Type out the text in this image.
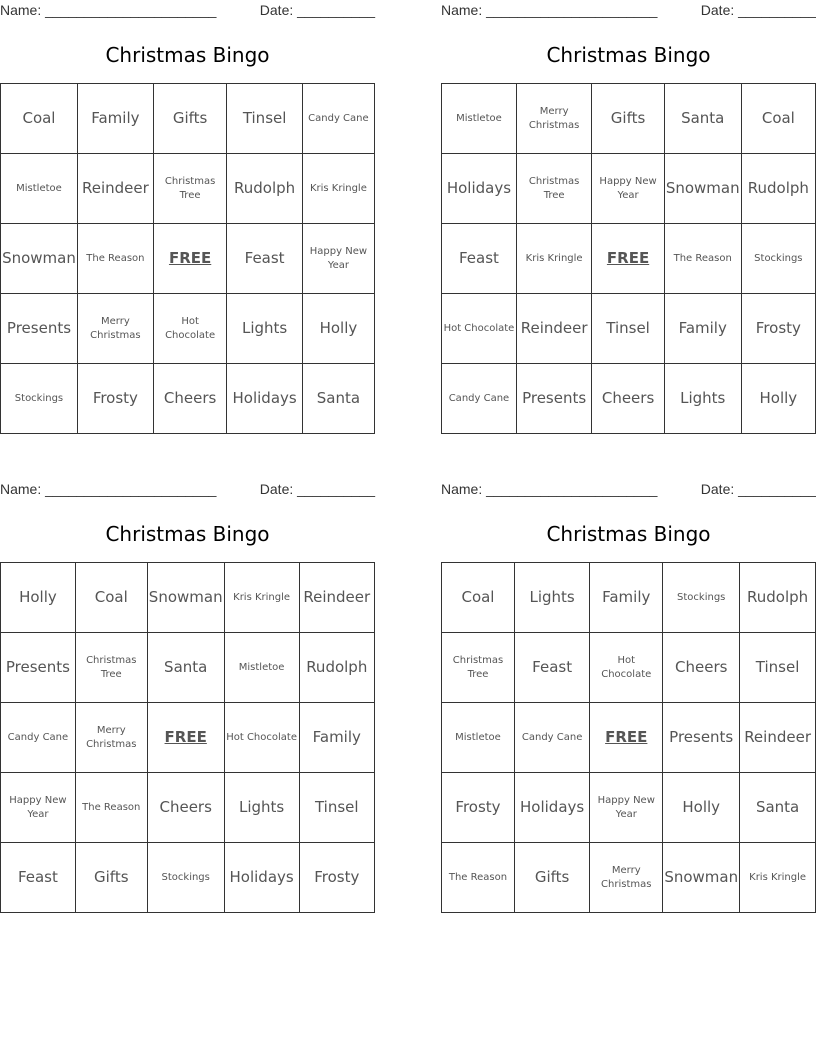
Name: ______________________	Date: __________
Christmas Bingo
Coal	Family	Gifts	Tinsel	Candy Cane
Mistletoe	Reindeer	Christmas Tree	Rudolph	Kris Kringle
Snowman	The Reason	FREE	Feast	Happy New Year
Presents	Merry Christmas	Hot Chocolate	Lights	Holly
Stockings	Frosty	Cheers	Holidays	Santa
Name: ______________________	Date: __________
Christmas Bingo
Mistletoe	Merry Christmas	Gifts	Santa	Coal
Holidays	Christmas Tree	Happy New Year	Snowman	Rudolph
Feast	Kris Kringle	FREE	The Reason	Stockings
Hot Chocolate	Reindeer	Tinsel	Family	Frosty
Candy Cane	Presents	Cheers	Lights	Holly
Name: ______________________	Date: __________
Christmas Bingo
Holly	Coal	Snowman	Kris Kringle	Reindeer
Presents	Christmas Tree	Santa	Mistletoe	Rudolph
Candy Cane	Merry Christmas	FREE	Hot Chocolate	Family
Happy New Year	The Reason	Cheers	Lights	Tinsel
Feast	Gifts	Stockings	Holidays	Frosty
Name: ______________________	Date: __________
Christmas Bingo
Coal	Lights	Family	Stockings	Rudolph
Christmas Tree	Feast	Hot Chocolate	Cheers	Tinsel
Mistletoe	Candy Cane	FREE	Presents	Reindeer
Frosty	Holidays	Happy New Year	Holly	Santa
The Reason	Gifts	Merry Christmas	Snowman	Kris Kringle
